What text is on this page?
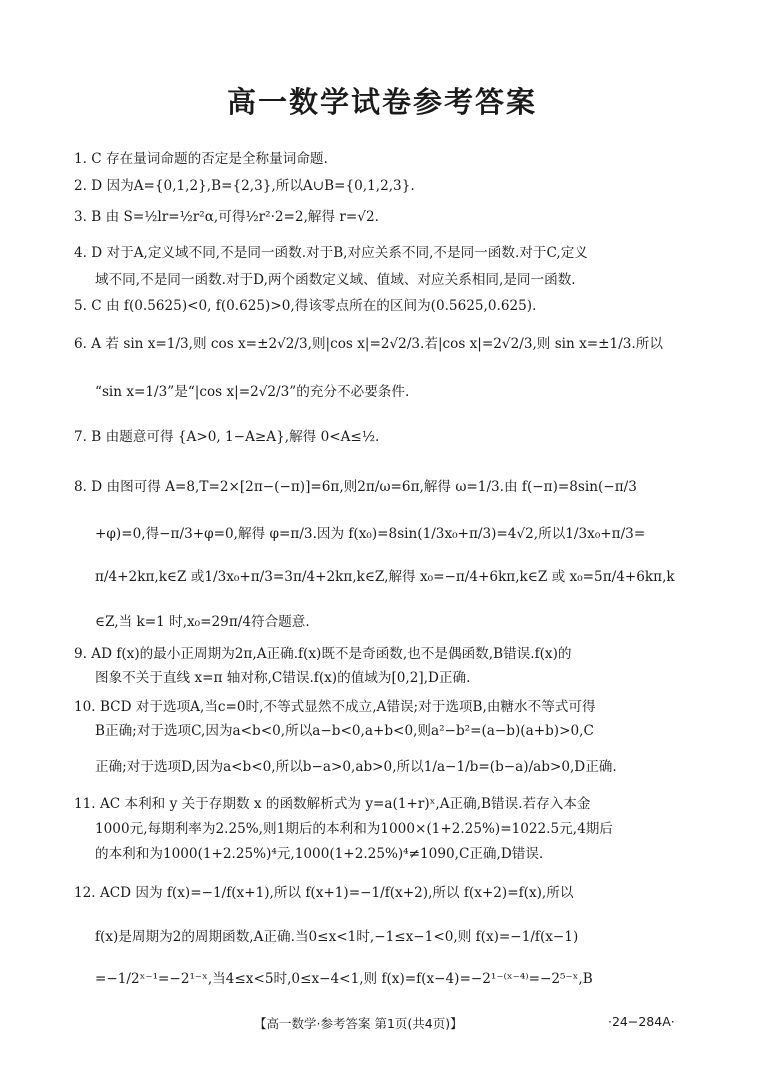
高一数学试卷参考答案
1. C 存在量词命题的否定是全称量词命题.
2. D 因为A={0,1,2},B={2,3},所以A∪B={0,1,2,3}.
3. B 由 S=½lr=½r²α,可得½r²·2=2,解得 r=√2.
4. D 对于A,定义域不同,不是同一函数.对于B,对应关系不同,不是同一函数.对于C,定义
域不同,不是同一函数.对于D,两个函数定义域、值域、对应关系相同,是同一函数.
5. C 由 f(0.5625)<0, f(0.625)>0,得该零点所在的区间为(0.5625,0.625).
6. A 若 sin x=1/3,则 cos x=±2√2/3,则|cos x|=2√2/3.若|cos x|=2√2/3,则 sin x=±1/3.所以
“sin x=1/3”是“|cos x|=2√2/3”的充分不必要条件.
7. B 由题意可得 {A>0, 1−A≥A},解得 0<A≤½.
8. D 由图可得 A=8,T=2×[2π−(−π)]=6π,则2π/ω=6π,解得 ω=1/3.由 f(−π)=8sin(−π/3
+φ)=0,得−π/3+φ=0,解得 φ=π/3.因为 f(x₀)=8sin(1/3x₀+π/3)=4√2,所以1/3x₀+π/3=
π/4+2kπ,k∈Z 或1/3x₀+π/3=3π/4+2kπ,k∈Z,解得 x₀=−π/4+6kπ,k∈Z 或 x₀=5π/4+6kπ,k
∈Z,当 k=1 时,x₀=29π/4符合题意.
9. AD f(x)的最小正周期为2π,A正确.f(x)既不是奇函数,也不是偶函数,B错误.f(x)的
图象不关于直线 x=π 轴对称,C错误.f(x)的值域为[0,2],D正确.
10. BCD 对于选项A,当c=0时,不等式显然不成立,A错误;对于选项B,由糖水不等式可得
B正确;对于选项C,因为a<b<0,所以a−b<0,a+b<0,则a²−b²=(a−b)(a+b)>0,C
正确;对于选项D,因为a<b<0,所以b−a>0,ab>0,所以1/a−1/b=(b−a)/ab>0,D正确.
11. AC 本利和 y 关于存期数 x 的函数解析式为 y=a(1+r)ˣ,A正确,B错误.若存入本金
1000元,每期利率为2.25%,则1期后的本利和为1000×(1+2.25%)=1022.5元,4期后
的本利和为1000(1+2.25%)⁴元,1000(1+2.25%)⁴≠1090,C正确,D错误.
12. ACD 因为 f(x)=−1/f(x+1),所以 f(x+1)=−1/f(x+2),所以 f(x+2)=f(x),所以
f(x)是周期为2的周期函数,A正确.当0≤x<1时,−1≤x−1<0,则 f(x)=−1/f(x−1)
=−1/2ˣ⁻¹=−2¹⁻ˣ,当4≤x<5时,0≤x−4<1,则 f(x)=f(x−4)=−2¹⁻⁽ˣ⁻⁴⁾=−2⁵⁻ˣ,B
【高一数学·参考答案 第1页(共4页)】	·24−284A·
